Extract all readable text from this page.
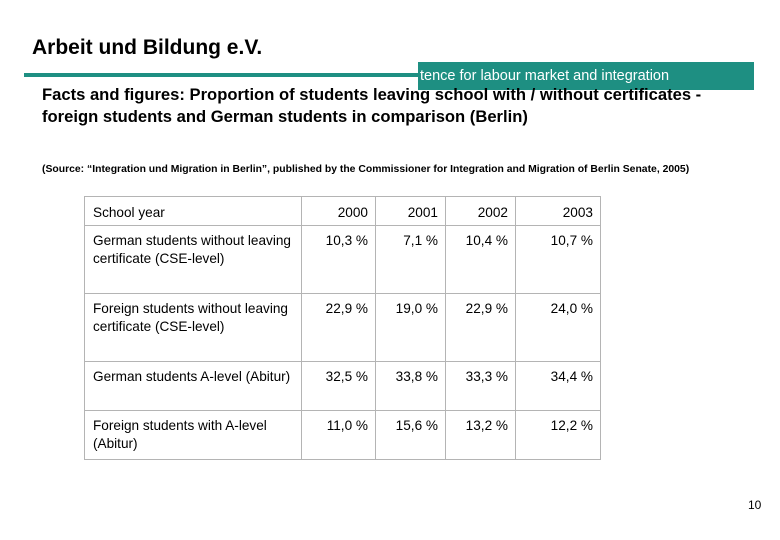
Arbeit und Bildung e.V.
tence for labour market and integration
Facts and figures: Proportion of students leaving school with / without certificates - foreign students and German students in comparison (Berlin)
(Source: “Integration und Migration in Berlin”, published by the Commissioner for Integration and Migration of Berlin Senate, 2005)
School year	2000	2001	2002	2003
German students without leaving certificate (CSE-level)	10,3 %	7,1 %	10,4 %	10,7 %
Foreign students without leaving certificate (CSE-level)	22,9 %	19,0 %	22,9 %	24,0 %
German students A-level (Abitur)	32,5 %	33,8 %	33,3 %	34,4 %
Foreign students with A-level (Abitur)	11,0 %	15,6 %	13,2 %	12,2 %
10
